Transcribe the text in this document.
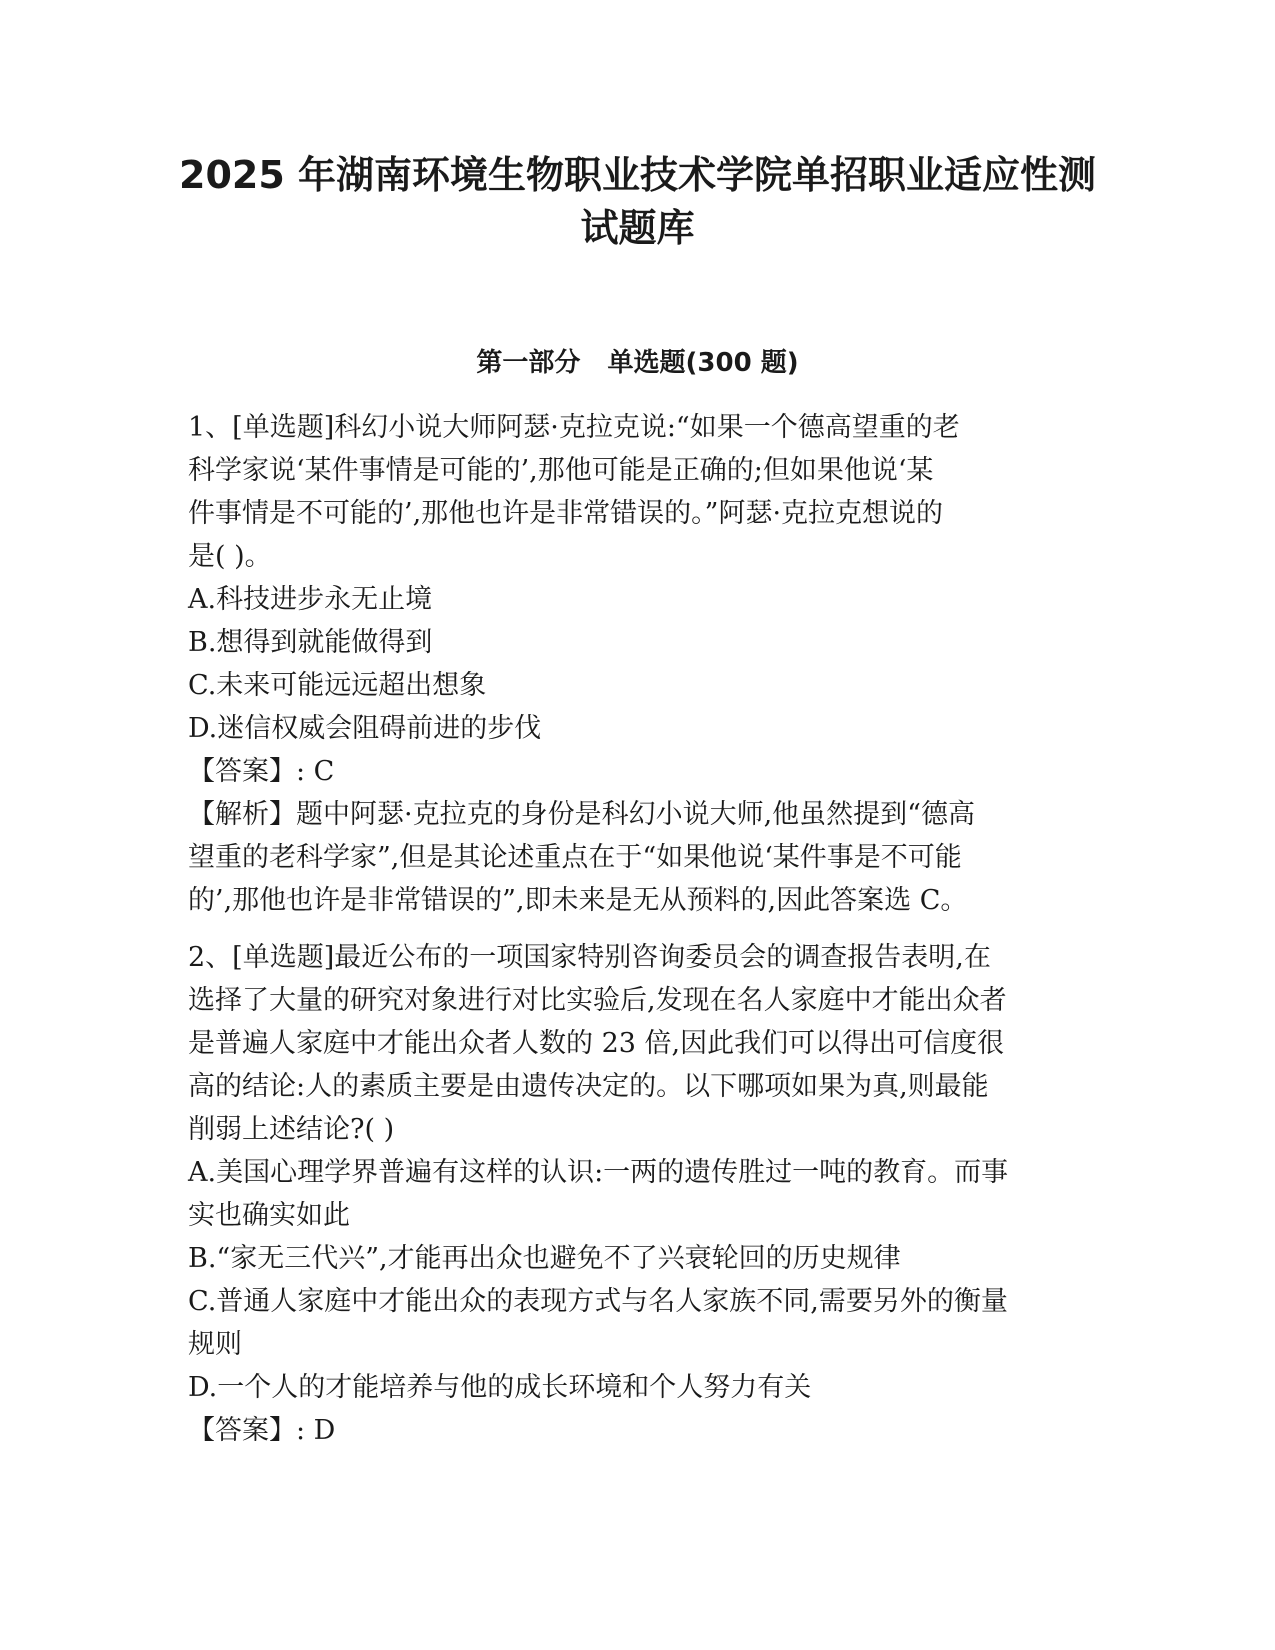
2025 年湖南环境生物职业技术学院单招职业适应性测
试题库
第一部分   单选题(300 题)
1、[单选题]科幻小说大师阿瑟·克拉克说:“如果一个德高望重的老
科学家说‘某件事情是可能的’,那他可能是正确的;但如果他说‘某
件事情是不可能的’,那他也许是非常错误的。”阿瑟·克拉克想说的
是( )。
A.科技进步永无止境
B.想得到就能做得到
C.未来可能远远超出想象
D.迷信权威会阻碍前进的步伐
【答案】: C
【解析】题中阿瑟·克拉克的身份是科幻小说大师,他虽然提到“德高
望重的老科学家”,但是其论述重点在于“如果他说‘某件事是不可能
的’,那他也许是非常错误的”,即未来是无从预料的,因此答案选 C。
2、[单选题]最近公布的一项国家特别咨询委员会的调查报告表明,在
选择了大量的研究对象进行对比实验后,发现在名人家庭中才能出众者
是普遍人家庭中才能出众者人数的 23 倍,因此我们可以得出可信度很
高的结论:人的素质主要是由遗传决定的。以下哪项如果为真,则最能
削弱上述结论?( )
A.美国心理学界普遍有这样的认识:一两的遗传胜过一吨的教育。而事
实也确实如此
B.“家无三代兴”,才能再出众也避免不了兴衰轮回的历史规律
C.普通人家庭中才能出众的表现方式与名人家族不同,需要另外的衡量
规则
D.一个人的才能培养与他的成长环境和个人努力有关
【答案】: D
